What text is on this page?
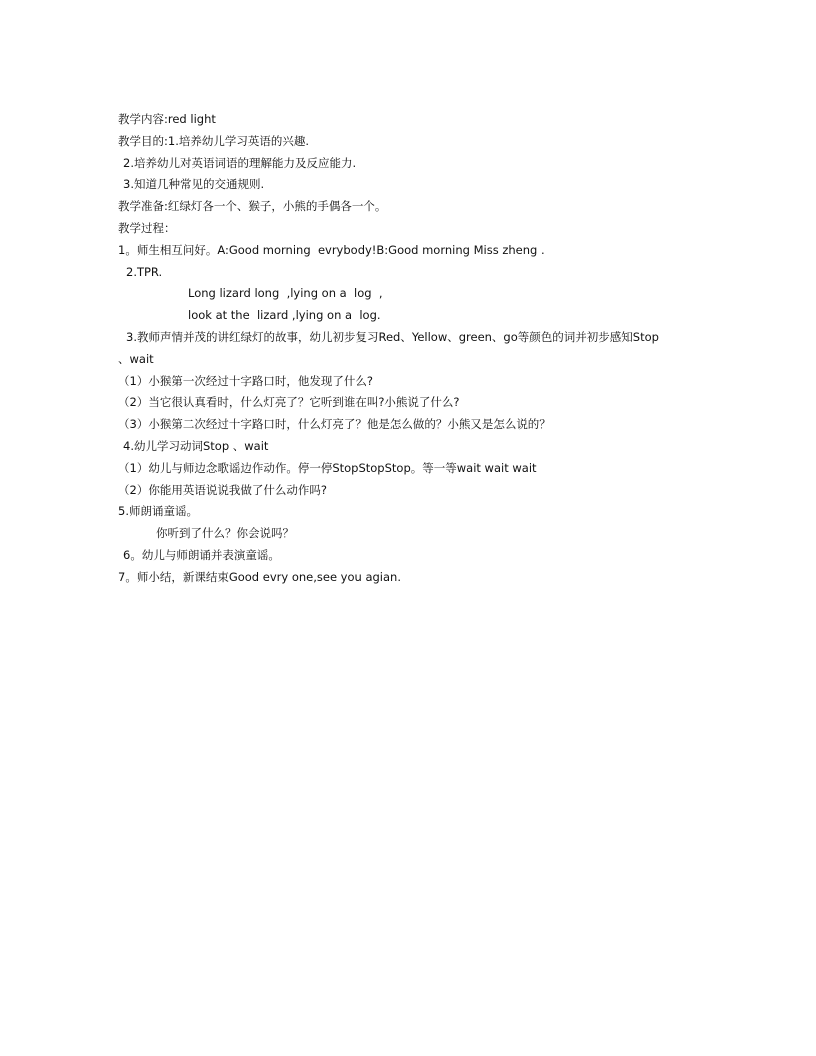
教学内容:red light
教学目的:1.培养幼儿学习英语的兴趣.
2.培养幼儿对英语词语的理解能力及反应能力.
3.知道几种常见的交通规则.
教学准备:红绿灯各一个、猴子，小熊的手偶各一个。
教学过程：
1。师生相互问好。A:Good morning  evrybody!B:Good morning Miss zheng .
2.TPR.
Long lizard long  ,lying on a  log  ,
look at the  lizard ,lying on a  log.
3.教师声情并茂的讲红绿灯的故事，幼儿初步复习Red、Yellow、green、go等颜色的词并初步感知Stop
、wait
（1）小猴第一次经过十字路口时，他发现了什么?
（2）当它很认真看时，什么灯亮了？它听到谁在叫?小熊说了什么?
（3）小猴第二次经过十字路口时，什么灯亮了？他是怎么做的？小熊又是怎么说的？
4.幼儿学习动词Stop 、wait
（1）幼儿与师边念歌谣边作动作。停一停StopStopStop。等一等wait wait wait
（2）你能用英语说说我做了什么动作吗?
5.师朗诵童谣。
你听到了什么？你会说吗？
6。幼儿与师朗诵并表演童谣。
7。师小结，新课结束Good evry one,see you agian.
